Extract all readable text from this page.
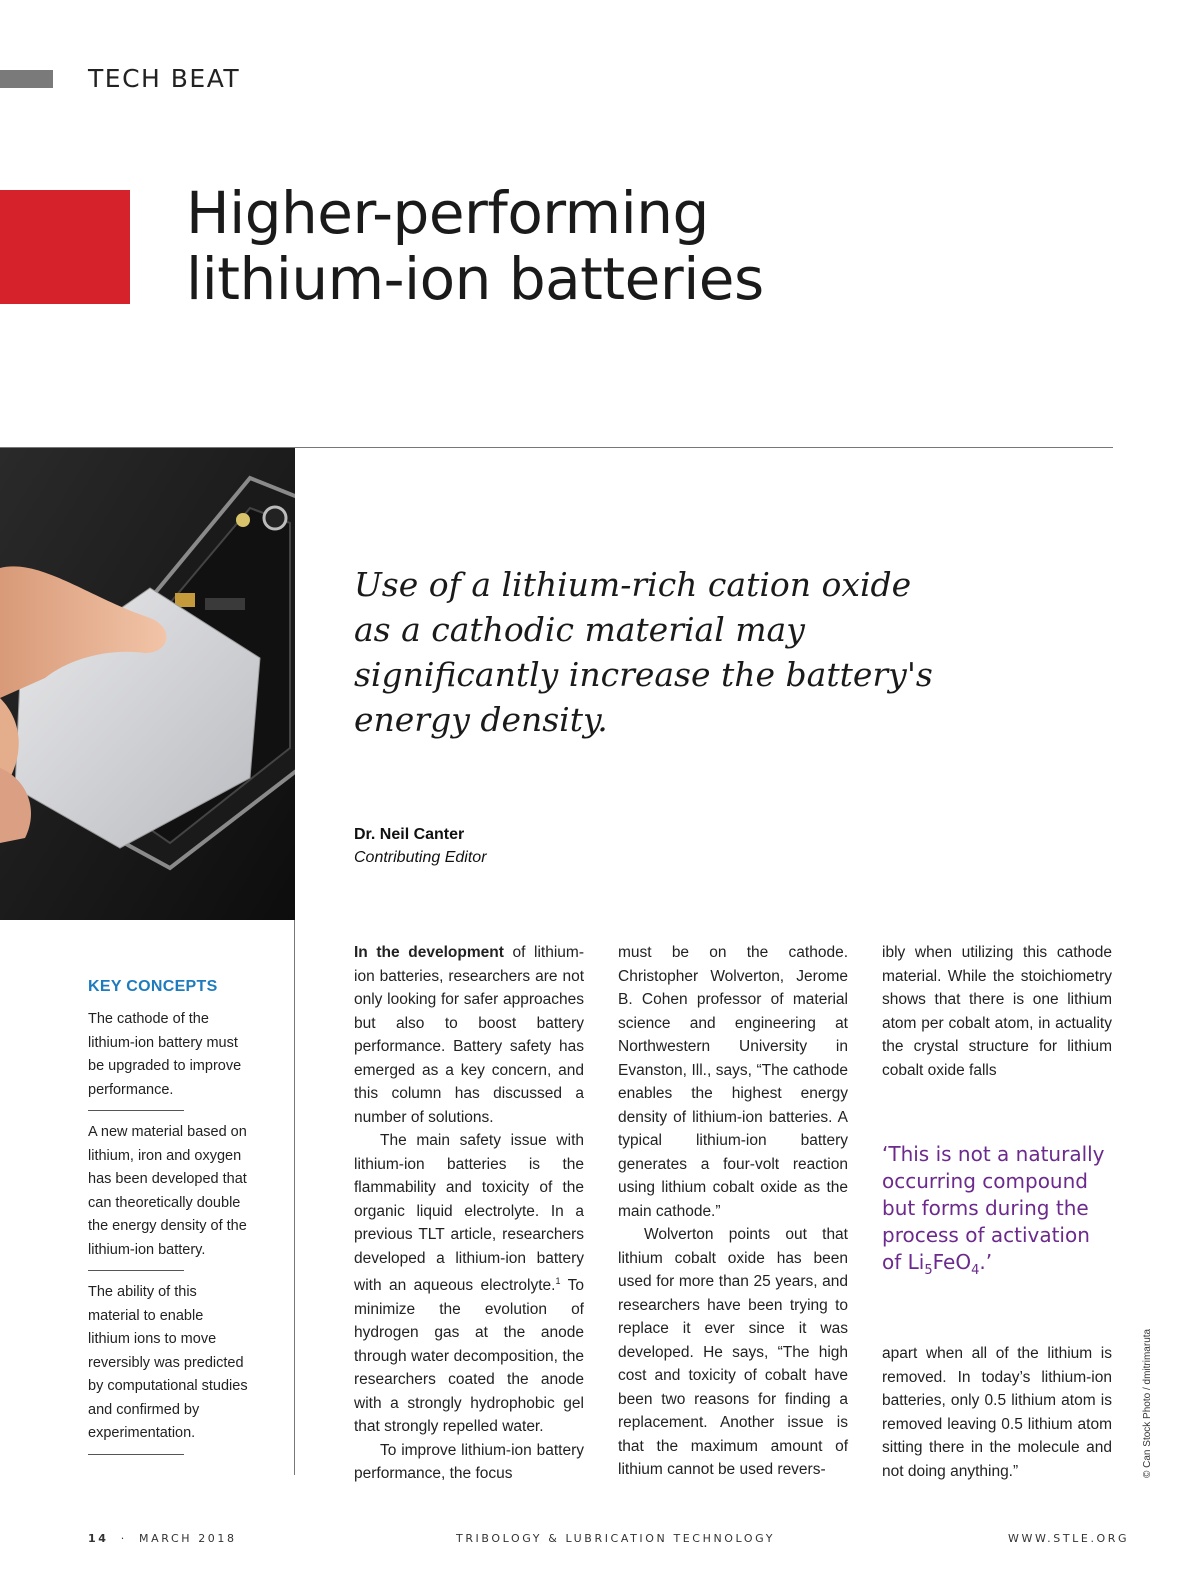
TECH BEAT
Higher-performing
lithium-ion batteries
Use of a lithium-rich cation oxide as a cathodic material may significantly increase the battery's energy density.
Dr. Neil Canter
Contributing Editor
KEY CONCEPTS
The cathode of the lithium-ion battery must be upgraded to improve performance.
A new material based on lithium, iron and oxygen has been developed that can theoretically double the energy density of the lithium-ion battery.
The ability of this material to enable lithium ions to move reversibly was predicted by computational studies and confirmed by experimentation.

In the development of lithium-ion batteries, researchers are not only looking for safer approaches but also to boost battery performance. Battery safety has emerged as a key concern, and this column has discussed a number of solutions.

The main safety issue with lithium-ion batteries is the flammability and toxicity of the organic liquid electrolyte. In a previous TLT article, researchers developed a lithium-ion battery with an aqueous electrolyte.$^1$ To minimize the evolution of hydrogen gas at the anode through water decomposition, the researchers coated the anode with a strongly hydrophobic gel that strongly repelled water.

To improve lithium-ion battery performance, the focus

must be on the cathode. Christopher Wolverton, Jerome B. Cohen professor of material science and engineering at Northwestern University in Evanston, Ill., says, “The cathode enables the highest energy density of lithium-ion batteries. A typical lithium-ion battery generates a four-volt reaction using lithium cobalt oxide as the main cathode.”

Wolverton points out that lithium cobalt oxide has been used for more than 25 years, and researchers have been trying to replace it ever since it was developed. He says, “The high cost and toxicity of cobalt have been two reasons for finding a replacement. Another issue is that the maximum amount of lithium cannot be used revers-

ibly when utilizing this cathode material. While the stoichiometry shows that there is one lithium atom per cobalt atom, in actuality the crystal structure for lithium cobalt oxide falls

‘This is not a naturally occurring compound but forms during the process of activation of $Li_5FeO_4$.’

apart when all of the lithium is removed. In today’s lithium-ion batteries, only 0.5 lithium atom is removed leaving 0.5 lithium atom sitting there in the molecule and not doing anything.”	© Can Stock Photo / dmitrimaruta
14 · MARCH 2018	TRIBOLOGY & LUBRICATION TECHNOLOGY	WWW.STLE.ORG
